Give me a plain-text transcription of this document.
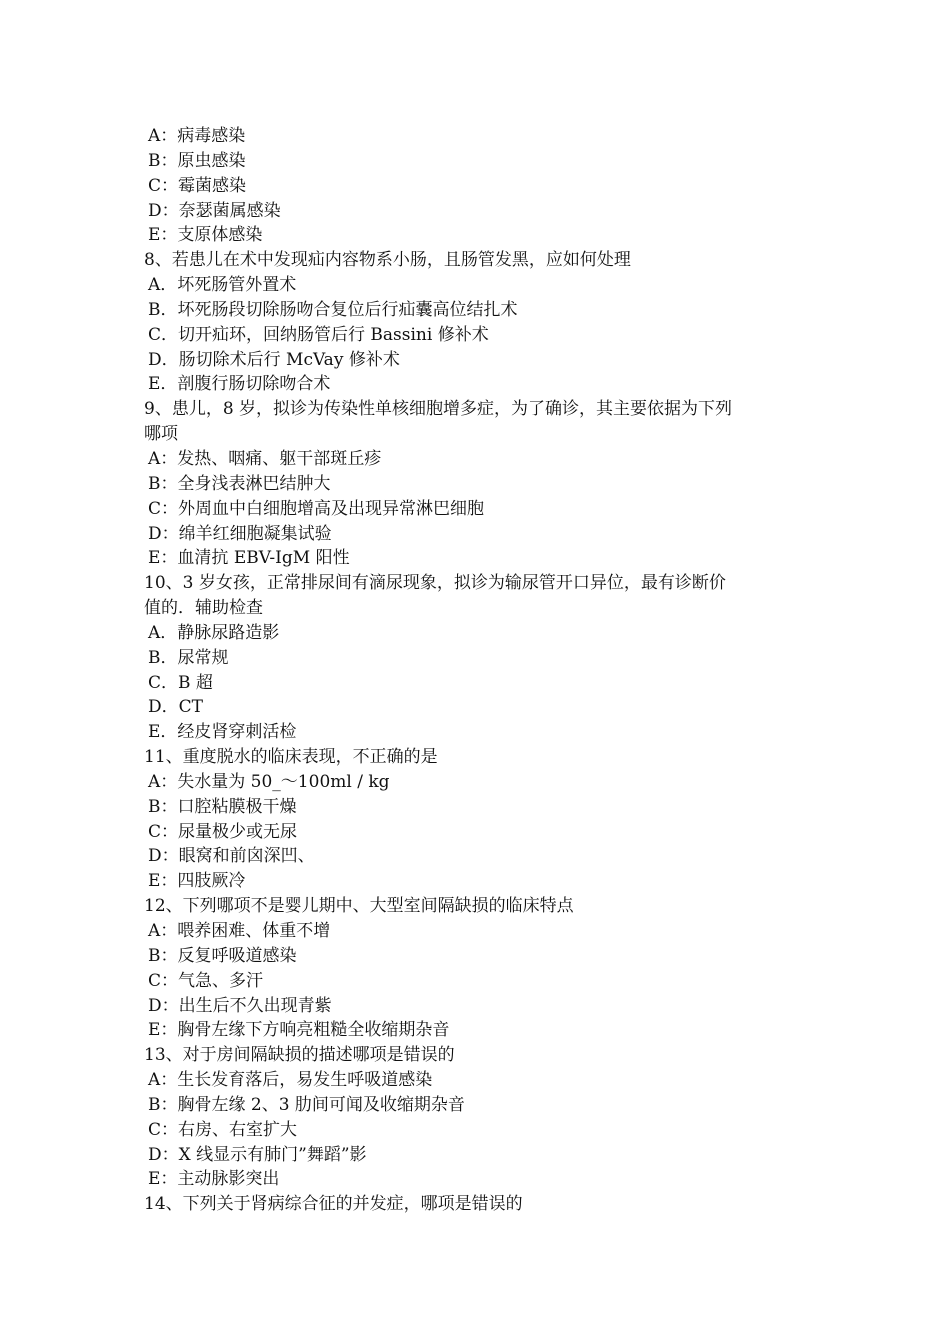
A：病毒感染
B：原虫感染
C：霉菌感染
D：奈瑟菌属感染
E：支原体感染
8、若患儿在术中发现疝内容物系小肠，且肠管发黑，应如何处理
A．坏死肠管外置术
B．坏死肠段切除肠吻合复位后行疝囊高位结扎术
C．切开疝环，回纳肠管后行 Bassini 修补术
D．肠切除术后行 McVay 修补术
E．剖腹行肠切除吻合术
9、患儿，8 岁，拟诊为传染性单核细胞增多症，为了确诊，其主要依据为下列
哪项
A：发热、咽痛、躯干部斑丘疹
B：全身浅表淋巴结肿大
C：外周血中白细胞增高及出现异常淋巴细胞
D：绵羊红细胞凝集试验
E：血清抗 EBV-IgM 阳性
10、3 岁女孩，正常排尿间有滴尿现象，拟诊为输尿管开口异位，最有诊断价
值的．辅助检查
A．静脉尿路造影
B．尿常规
C．B 超
D．CT
E．经皮肾穿刺活检
11、重度脱水的临床表现，不正确的是
A：失水量为 50_～100ml / kg
B：口腔粘膜极干燥
C：尿量极少或无尿
D：眼窝和前囟深凹、
E：四肢厥冷
12、下列哪项不是婴儿期中、大型室间隔缺损的临床特点
A：喂养困难、体重不增
B：反复呼吸道感染
C：气急、多汗
D：出生后不久出现青紫
E：胸骨左缘下方响亮粗糙全收缩期杂音
13、对于房间隔缺损的描述哪项是错误的
A：生长发育落后，易发生呼吸道感染
B：胸骨左缘 2、3 肋间可闻及收缩期杂音
C：右房、右室扩大
D：X 线显示有肺门”舞蹈”影
E：主动脉影突出
14、下列关于肾病综合征的并发症，哪项是错误的
